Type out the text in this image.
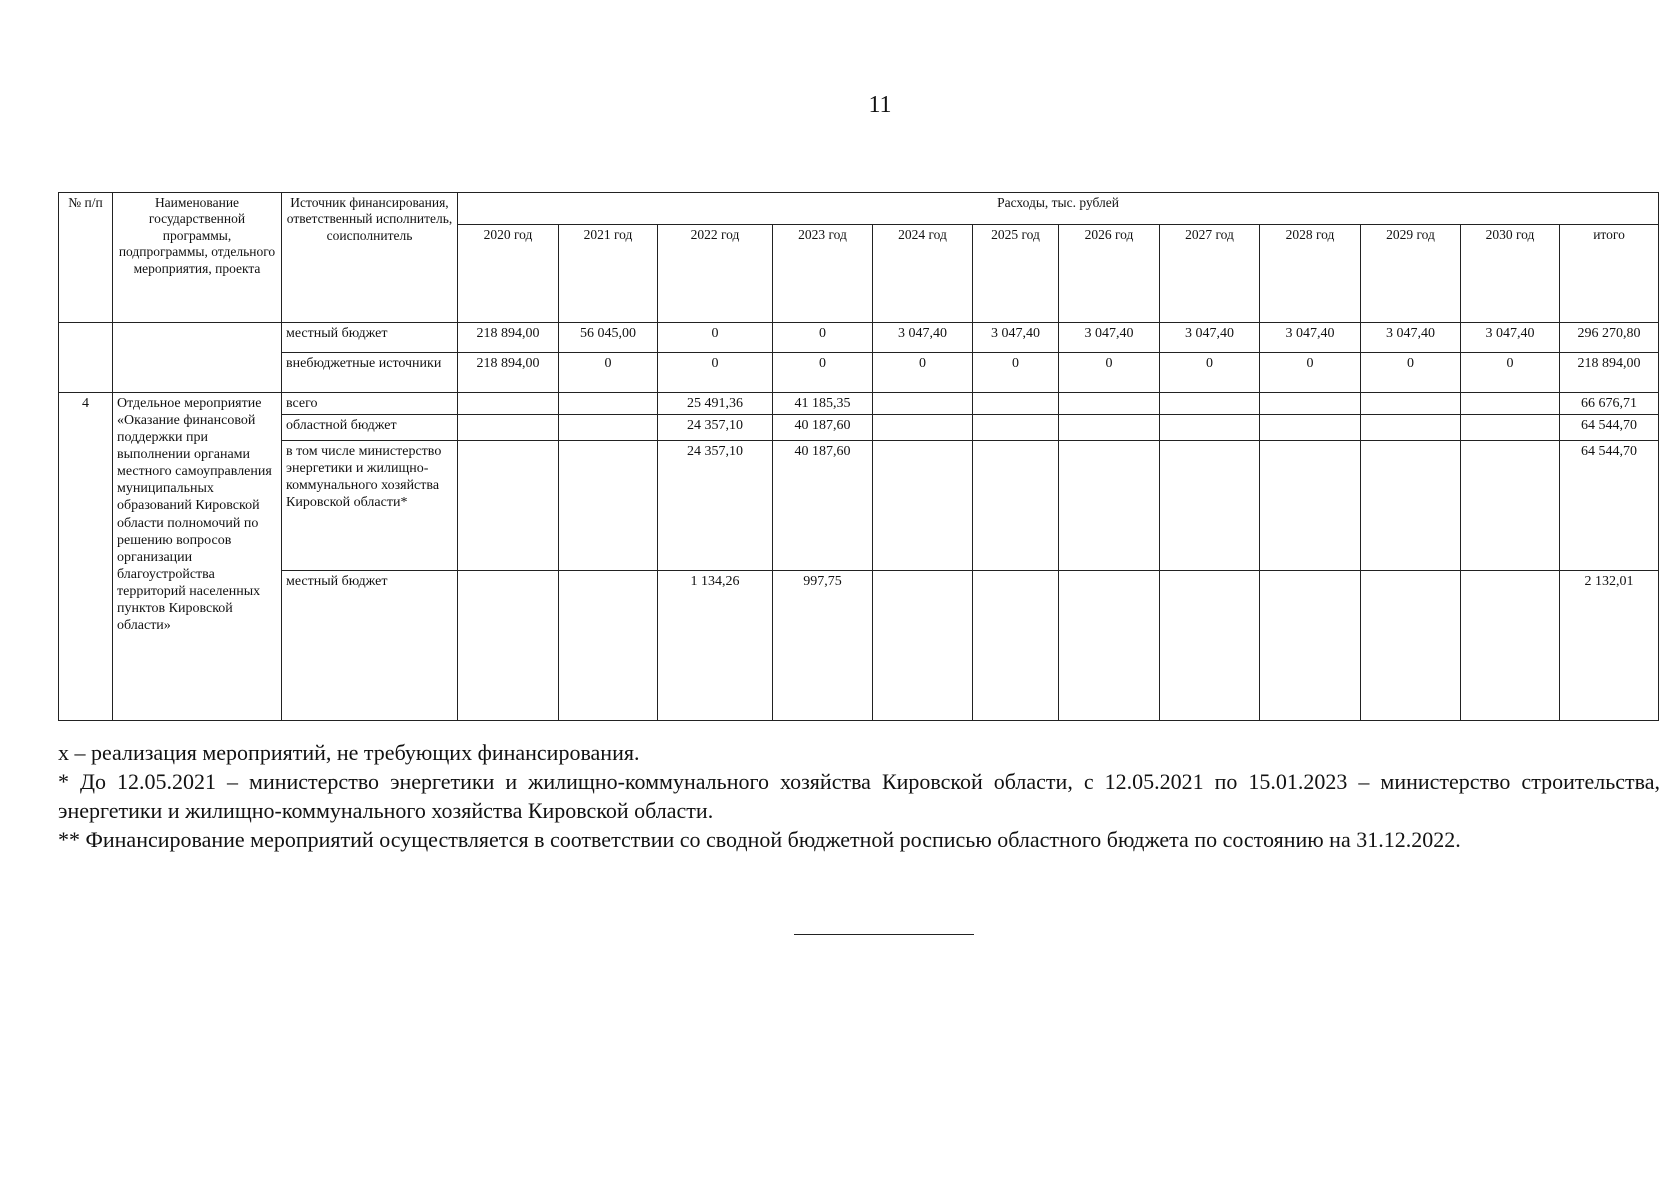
11
№ п/п	Наименование государственной программы, подпрограммы, отдельного мероприятия, проекта	Источник финансирования, ответственный исполнитель, соисполнитель	Расходы, тыс. рублей											
			2020 год	2021 год	2022 год	2023 год	2024 год	2025 год	2026 год	2027 год	2028 год	2029 год	2030 год	итого
		местный бюджет	218 894,00	56 045,00	0	0	3 047,40	3 047,40	3 047,40	3 047,40	3 047,40	3 047,40	3 047,40	296 270,80
		внебюджетные источники	218 894,00	0	0	0	0	0	0	0	0	0	0	218 894,00
4	Отдельное мероприятие «Оказание финансовой поддержки при выполнении органами местного самоуправления муниципальных образований Кировской области полномочий по решению вопросов организации благоустройства территорий населенных пунктов Кировской области»	всего			25 491,36	41 185,35								66 676,71
		областной бюджет			24 357,10	40 187,60								64 544,70
		в том числе министерство энергетики и жилищно-коммунального хозяйства Кировской области*			24 357,10	40 187,60								64 544,70
		местный бюджет			1 134,26	997,75								2 132,01

х – реализация мероприятий, не требующих финансирования.

* До 12.05.2021 – министерство энергетики и жилищно-коммунального хозяйства Кировской области, с 12.05.2021 по 15.01.2023 – министерство строительства, энергетики и жилищно-коммунального хозяйства Кировской области.

** Финансирование мероприятий осуществляется в соответствии со сводной бюджетной росписью областного бюджета по состоянию на 31.12.2022.
